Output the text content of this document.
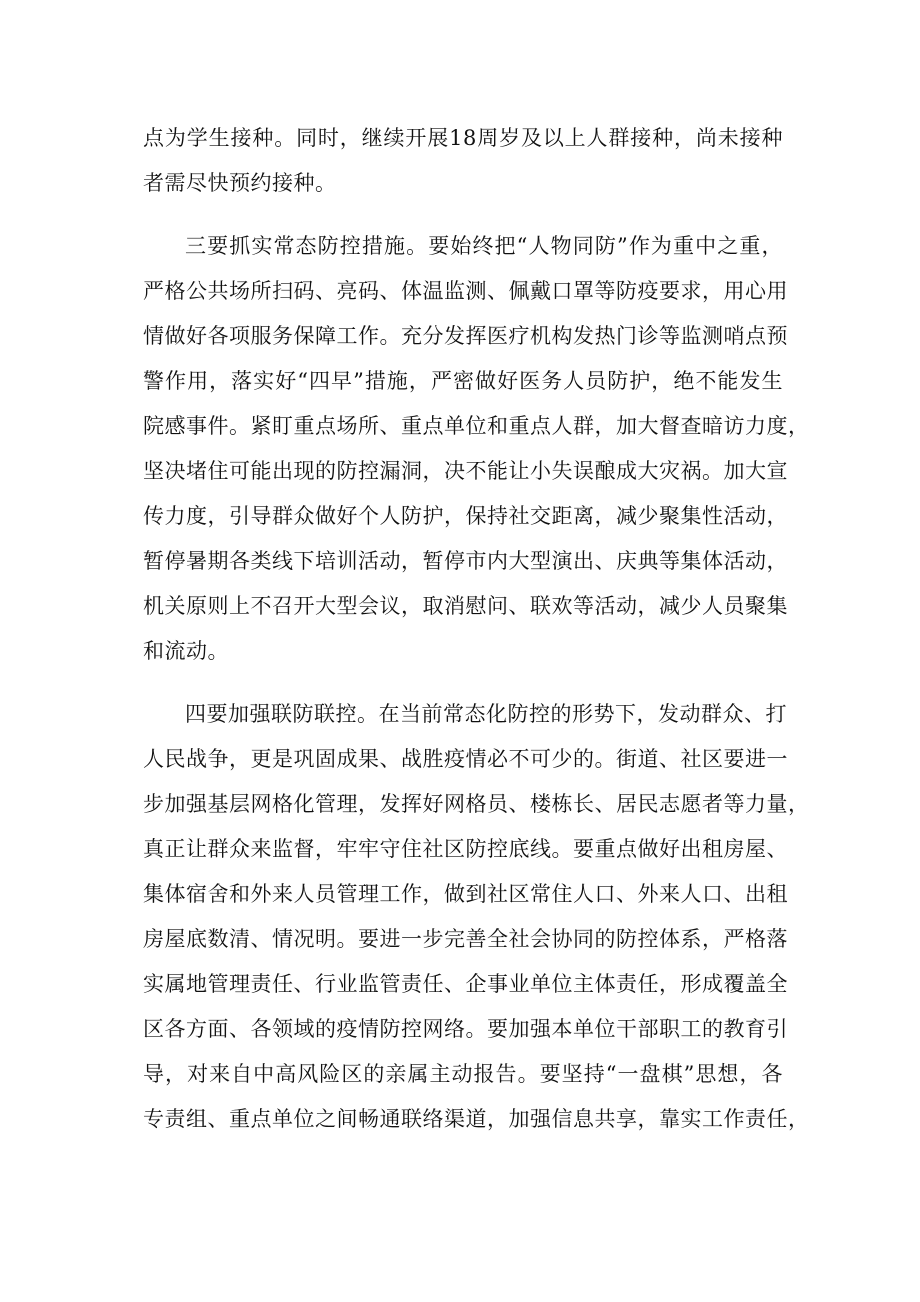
点为学生接种。同时，继续开展18周岁及以上人群接种，尚未接种
者需尽快预约接种。
三要抓实常态防控措施。要始终把“人物同防”作为重中之重，
严格公共场所扫码、亮码、体温监测、佩戴口罩等防疫要求，用心用
情做好各项服务保障工作。充分发挥医疗机构发热门诊等监测哨点预
警作用，落实好“四早”措施，严密做好医务人员防护，绝不能发生
院感事件。紧盯重点场所、重点单位和重点人群，加大督查暗访力度，
坚决堵住可能出现的防控漏洞，决不能让小失误酿成大灾祸。加大宣
传力度，引导群众做好个人防护，保持社交距离，减少聚集性活动，
暂停暑期各类线下培训活动，暂停市内大型演出、庆典等集体活动，
机关原则上不召开大型会议，取消慰问、联欢等活动，减少人员聚集
和流动。
四要加强联防联控。在当前常态化防控的形势下，发动群众、打
人民战争，更是巩固成果、战胜疫情必不可少的。街道、社区要进一
步加强基层网格化管理，发挥好网格员、楼栋长、居民志愿者等力量，
真正让群众来监督，牢牢守住社区防控底线。要重点做好出租房屋、
集体宿舍和外来人员管理工作，做到社区常住人口、外来人口、出租
房屋底数清、情况明。要进一步完善全社会协同的防控体系，严格落
实属地管理责任、行业监管责任、企事业单位主体责任，形成覆盖全
区各方面、各领域的疫情防控网络。要加强本单位干部职工的教育引
导，对来自中高风险区的亲属主动报告。要坚持“一盘棋”思想，各
专责组、重点单位之间畅通联络渠道，加强信息共享，靠实工作责任，
